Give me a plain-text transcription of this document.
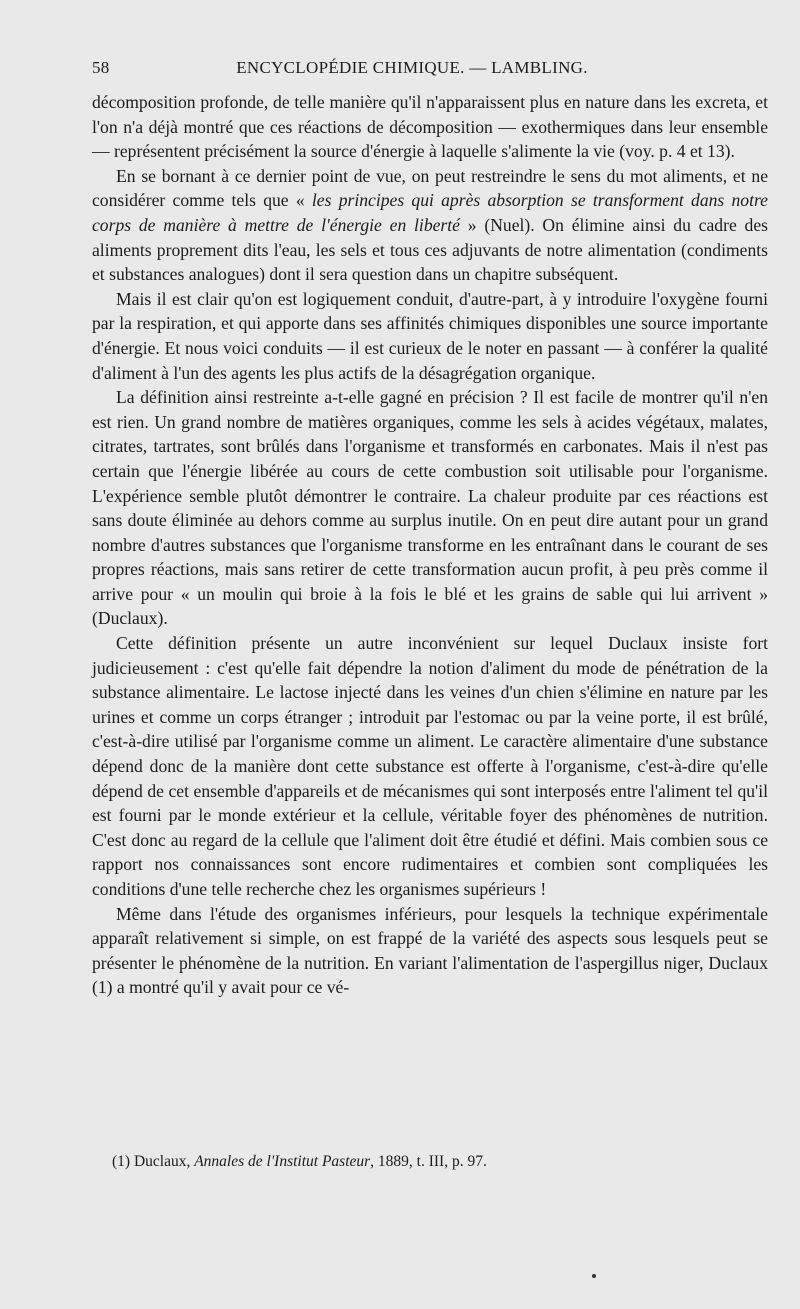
58	ENCYCLOPÉDIE CHIMIQUE. — LAMBLING.

décomposition profonde, de telle manière qu'il n'apparaissent plus en nature dans les excreta, et l'on n'a déjà montré que ces réactions de décomposition — exothermiques dans leur ensemble — représentent précisément la source d'énergie à laquelle s'alimente la vie (voy. p. 4 et 13).

En se bornant à ce dernier point de vue, on peut restreindre le sens du mot aliments, et ne considérer comme tels que « les principes qui après absorption se transforment dans notre corps de manière à mettre de l'énergie en liberté » (Nuel). On élimine ainsi du cadre des aliments proprement dits l'eau, les sels et tous ces adjuvants de notre alimentation (condiments et substances analogues) dont il sera question dans un chapitre subséquent.

Mais il est clair qu'on est logiquement conduit, d'autre-part, à y introduire l'oxygène fourni par la respiration, et qui apporte dans ses affinités chimiques disponibles une source importante d'énergie. Et nous voici conduits — il est curieux de le noter en passant — à conférer la qualité d'aliment à l'un des agents les plus actifs de la désagrégation organique.

La définition ainsi restreinte a-t-elle gagné en précision ? Il est facile de montrer qu'il n'en est rien. Un grand nombre de matières organiques, comme les sels à acides végétaux, malates, citrates, tartrates, sont brûlés dans l'organisme et transformés en carbonates. Mais il n'est pas certain que l'énergie libérée au cours de cette combustion soit utilisable pour l'organisme. L'expérience semble plutôt démontrer le contraire. La chaleur produite par ces réactions est sans doute éliminée au dehors comme au surplus inutile. On en peut dire autant pour un grand nombre d'autres substances que l'organisme transforme en les entraînant dans le courant de ses propres réactions, mais sans retirer de cette transformation aucun profit, à peu près comme il arrive pour « un moulin qui broie à la fois le blé et les grains de sable qui lui arrivent » (Duclaux).

Cette définition présente un autre inconvénient sur lequel Duclaux insiste fort judicieusement : c'est qu'elle fait dépendre la notion d'aliment du mode de pénétration de la substance alimentaire. Le lactose injecté dans les veines d'un chien s'élimine en nature par les urines et comme un corps étranger ; introduit par l'estomac ou par la veine porte, il est brûlé, c'est-à-dire utilisé par l'organisme comme un aliment. Le caractère alimentaire d'une substance dépend donc de la manière dont cette substance est offerte à l'organisme, c'est-à-dire qu'elle dépend de cet ensemble d'appareils et de mécanismes qui sont interposés entre l'aliment tel qu'il est fourni par le monde extérieur et la cellule, véritable foyer des phénomènes de nutrition. C'est donc au regard de la cellule que l'aliment doit être étudié et défini. Mais combien sous ce rapport nos connaissances sont encore rudimentaires et combien sont compliquées les conditions d'une telle recherche chez les organismes supérieurs !

Même dans l'étude des organismes inférieurs, pour lesquels la technique expérimentale apparaît relativement si simple, on est frappé de la variété des aspects sous lesquels peut se présenter le phénomène de la nutrition. En variant l'alimentation de l'aspergillus niger, Duclaux (1) a montré qu'il y avait pour ce vé-

(1) Duclaux, Annales de l'Institut Pasteur, 1889, t. III, p. 97.
